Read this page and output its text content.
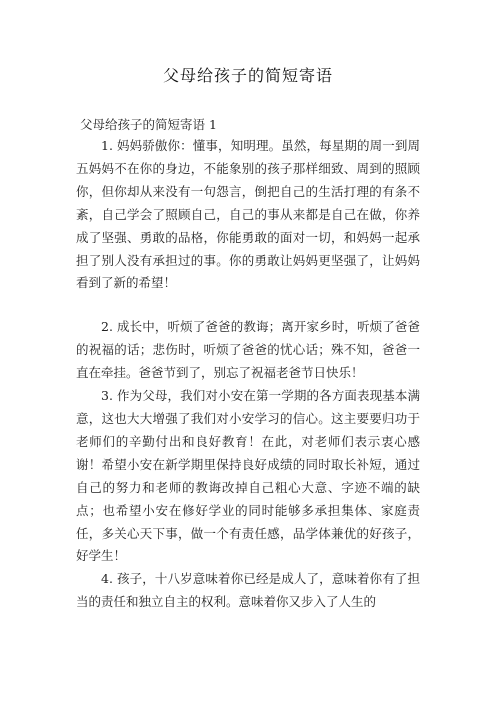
父母给孩子的简短寄语
父母给孩子的简短寄语 1

1. 妈妈骄傲你：懂事，知明理。虽然，每星期的周一到周五妈妈不在你的身边，不能象别的孩子那样细致、周到的照顾你，但你却从来没有一句怨言，倒把自己的生活打理的有条不紊，自己学会了照顾自己，自己的事从来都是自己在做，你养成了坚强、勇敢的品格，你能勇敢的面对一切，和妈妈一起承担了别人没有承担过的事。你的勇敢让妈妈更坚强了，让妈妈看到了新的希望！

2. 成长中，听烦了爸爸的教诲；离开家乡时，听烦了爸爸的祝福的话；悲伤时，听烦了爸爸的忧心话；殊不知，爸爸一直在牵挂。爸爸节到了，别忘了祝福老爸节日快乐！

3. 作为父母，我们对小安在第一学期的各方面表现基本满意，这也大大增强了我们对小安学习的信心。这主要要归功于老师们的辛勤付出和良好教育！在此，对老师们表示衷心感谢！希望小安在新学期里保持良好成绩的同时取长补短，通过自己的努力和老师的教诲改掉自己粗心大意、字迹不端的缺点；也希望小安在修好学业的同时能够多承担集体、家庭责任，多关心天下事，做一个有责任感，品学体兼优的好孩子，好学生！

4. 孩子，十八岁意味着你已经是成人了，意味着你有了担当的责任和独立自主的权利。意味着你又步入了人生的
